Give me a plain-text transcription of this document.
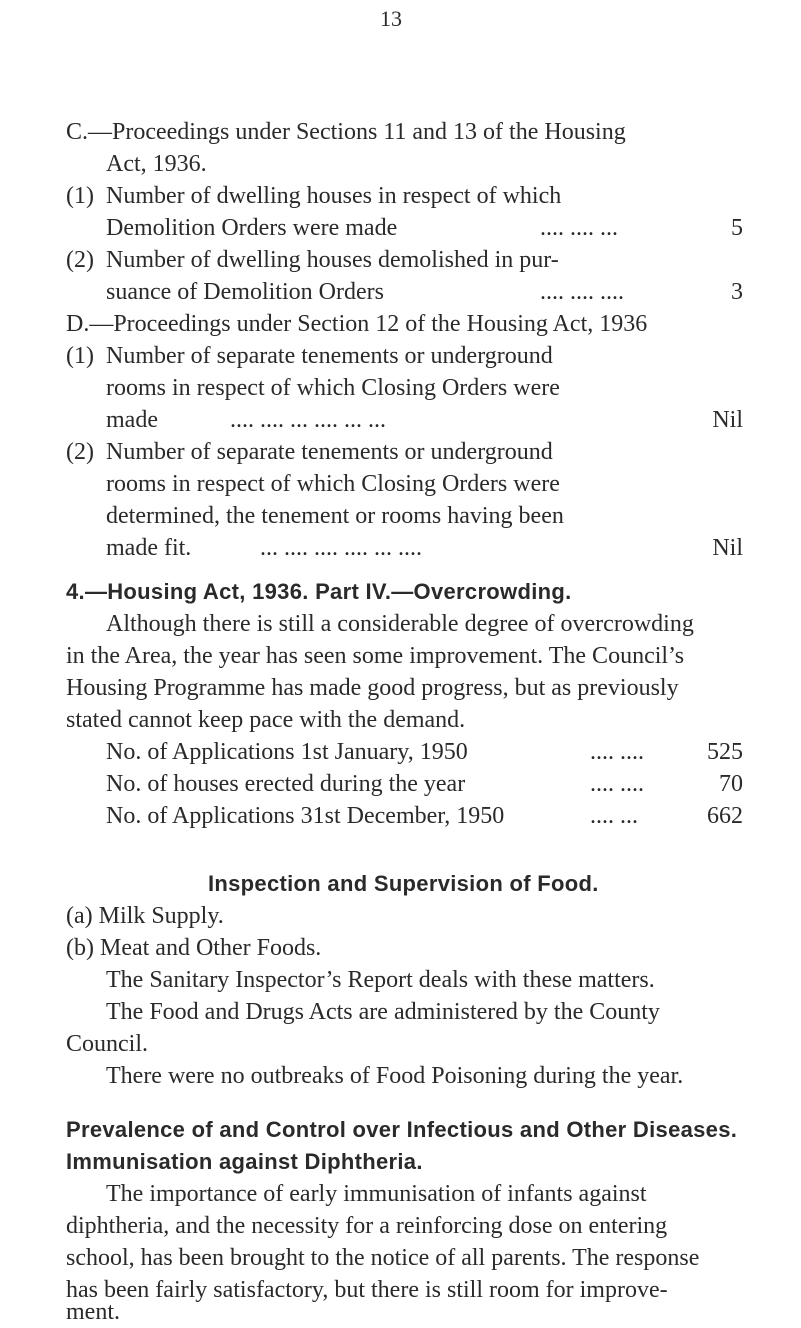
13
C.—Proceedings under Sections 11 and 13 of the Housing
Act, 1936.
(1) Number of dwelling houses in respect of which
Demolition Orders were made	.... .... ...	5
(2) Number of dwelling houses demolished in pur-
suance of Demolition Orders	.... .... ....	3
D.—Proceedings under Section 12 of the Housing Act, 1936
(1) Number of separate tenements or underground
rooms in respect of which Closing Orders were
made	.... .... ... .... ... ...	Nil
(2) Number of separate tenements or underground
rooms in respect of which Closing Orders were
determined, the tenement or rooms having been
made fit.	... .... .... .... ... ....	Nil
4.—Housing Act, 1936. Part IV.—Overcrowding.
Although there is still a considerable degree of overcrowding
in the Area, the year has seen some improvement. The Council’s
Housing Programme has made good progress, but as previously
stated cannot keep pace with the demand.
No. of Applications 1st January, 1950	.... ....	525
No. of houses erected during the year	.... ....	70
No. of Applications 31st December, 1950	.... ...	662
Inspection and Supervision of Food.
(a) Milk Supply.
(b) Meat and Other Foods.
The Sanitary Inspector’s Report deals with these matters.
The Food and Drugs Acts are administered by the County
Council.
There were no outbreaks of Food Poisoning during the year.
Prevalence of and Control over Infectious and Other Diseases.
Immunisation against Diphtheria.
The importance of early immunisation of infants against
diphtheria, and the necessity for a reinforcing dose on entering
school, has been brought to the notice of all parents. The response
has been fairly satisfactory, but there is still room for improve-
ment.
